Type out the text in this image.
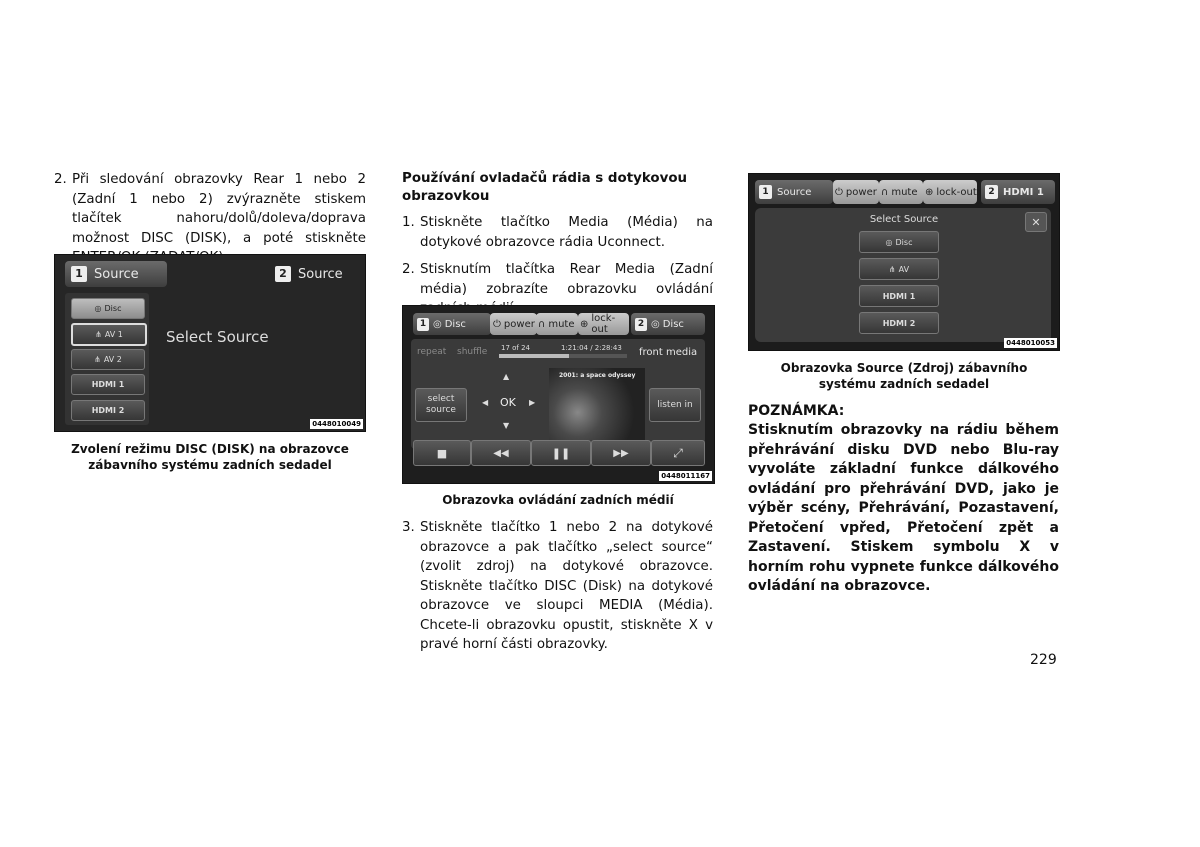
2. Při sledování obrazovky Rear 1 nebo 2 (Zadní 1 nebo 2) zvýrazněte stiskem tlačítek nahoru/dolů/doleva/doprava možnost DISC (DISK), a poté stiskněte
1 Source	2 Source
◎ Disc
⋔ AV 1
⋔ AV 2
HDMI 1
HDMI 2
Select Source
0448010049
Zvolení režimu DISC (DISK) na obrazovce zábavního systému zadních sedadel
Používání ovladačů rádia s dotykovou obrazovkou
1. Stiskněte tlačítko Media (Média) na dotykové obrazovce rádia Uconnect.
2. Stisknutím tlačítka Rear Media (Zadní média) zobrazíte obrazovku ovládání
1 ◎ Disc	⏻ power ∩ mute ⊕ lock-out
2 ◎ Disc
repeat shuffle 17 of 24	1:21:04 / 2:28:43 front media
select source
▲
◀ OK ▶
▼
2001: a space odyssey
listen in
■	◀◀	❚❚	▶▶	⤢
0448011167
Obrazovka ovládání zadních médií
3. Stiskněte tlačítko 1 nebo 2 na dotykové obrazovce a pak tlačítko „select source“ (zvolit zdroj) na dotykové obrazovce. Stiskněte tlačítko DISC (Disk) na dotykové obrazovce ve sloupci MEDIA (Média). Chcete-li obrazovku opustit, stiskněte X v pravé horní části obrazovky.
1 Source ⏻ power ∩ mute ⊕ lock-out	2 HDMI 1
Select Source	✕
◎ Disc
⋔ AV
HDMI 1
HDMI 2
0448010053
Obrazovka Source (Zdroj) zábavního systému zadních sedadel
POZNÁMKA:
Stisknutím obrazovky na rádiu během přehrávání disku DVD nebo Blu-ray vyvoláte základní funkce dálkového ovládání pro přehrávání DVD, jako je výběr scény, Přehrávání, Pozastavení, Přetočení vpřed, Přetočení zpět a Zastavení. Stiskem symbolu X v horním rohu vypnete funkce dálkového ovládání na obrazovce.
229
